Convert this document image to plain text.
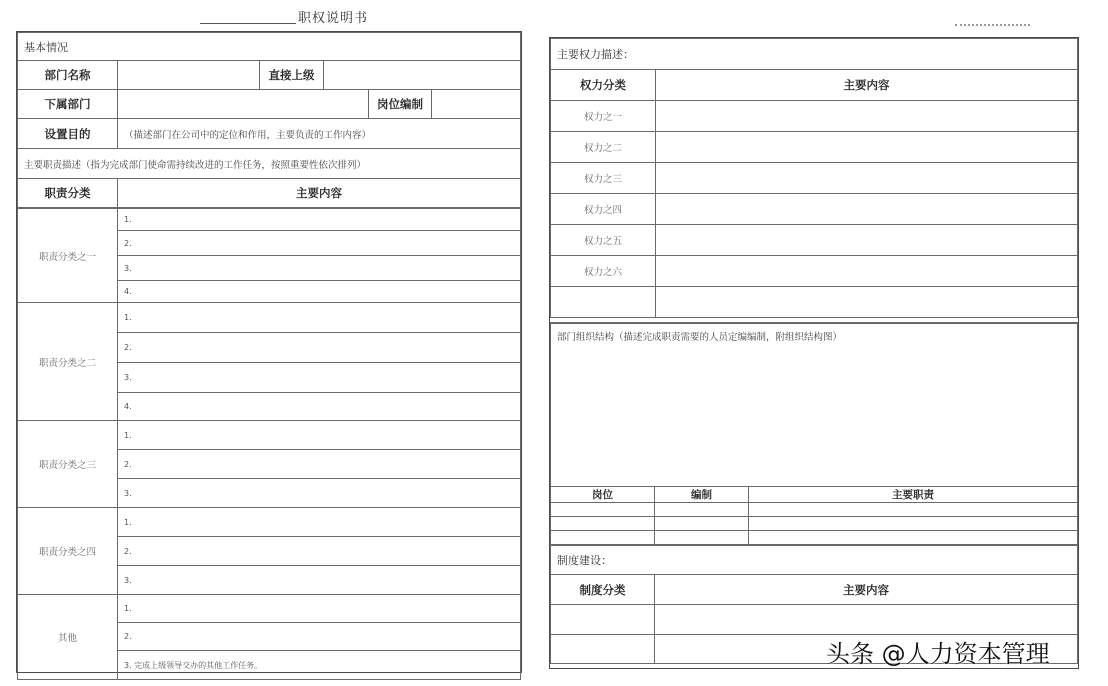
职权说明书
基本情况					
部门名称		直接上级			
下属部门				岗位编制	
设置目的	（描述部门在公司中的定位和作用，主要负责的工作内容）				
主要职责描述（指为完成部门使命需持续改进的工作任务，按照重要性依次排列）					
职责分类	主要内容				
职责分类之一	1.
	2.
	3.
	4.
职责分类之二	1.
	2.
	3.
	4.
职责分类之三	1.
	2.
	3.
职责分类之四	1.
	2.
	3.
其他	1.
	2.
	3. 完成上级领导交办的其他工作任务。
主要权力描述：	
权力分类	主要内容
权力之一	
权力之二	
权力之三	
权力之四	
权力之五	
权力之六	

部门组织结构（描述完成职责需要的人员定编编制，附组织结构图）		

岗位	编制	主要职责

制度建设：	
制度分类	主要内容

头条 @人力资本管理
